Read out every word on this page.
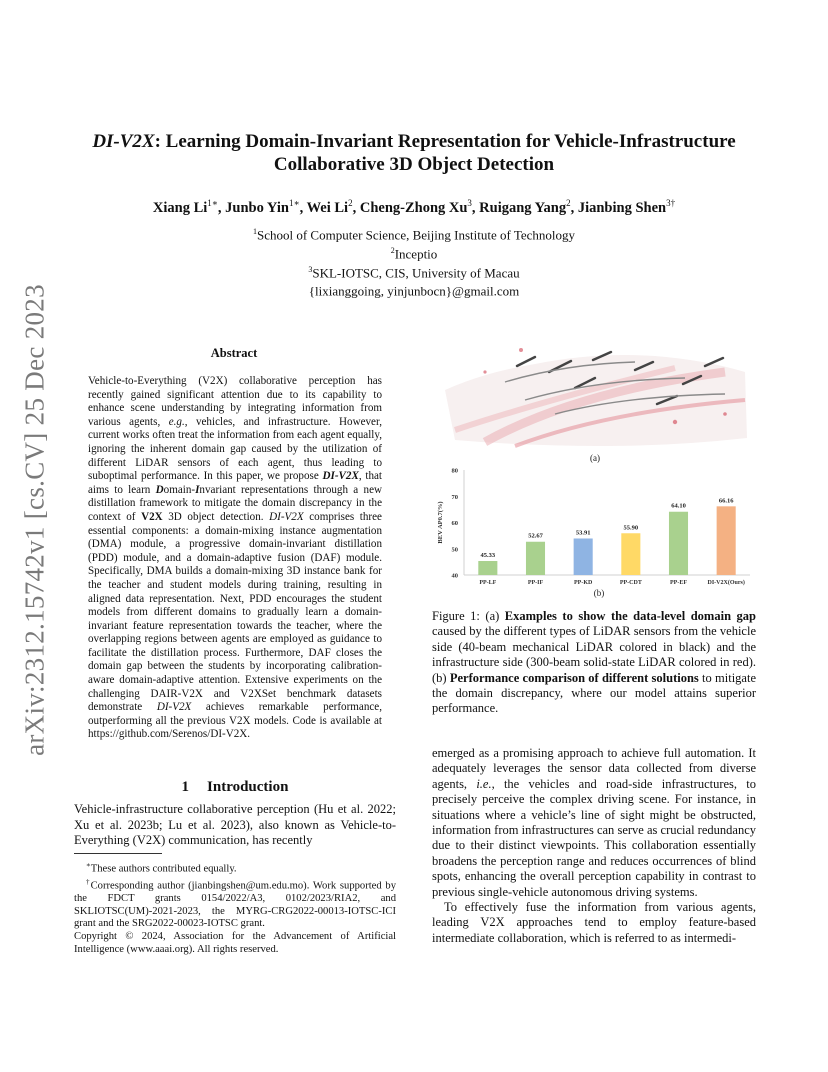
arXiv:2312.15742v1 [cs.CV] 25 Dec 2023
DI-V2X: Learning Domain-Invariant Representation for Vehicle-Infrastructure
Collaborative 3D Object Detection
Xiang $Li^{1∗}$, Junbo Yin$^{1∗}$, Wei Li$^2$, Cheng-Zhong Xu$^3$, Ruigang Yang$^2$, Jianbing Shen$^{3\dagger}$
$^1$School of Computer Science, Beijing Institute of Technology
$^2$Inceptio
$^3$SKL-IOTSC, CIS, University of Macau
{lixianggoing, yinjunbocn}@gmail.com
Abstract

Vehicle-to-Everything (V2X) collaborative perception has recently gained significant attention due to its capability to enhance scene understanding by integrating information from various agents, e.g., vehicles, and infrastructure. However, current works often treat the information from each agent equally, ignoring the inherent domain gap caused by the utilization of different LiDAR sensors of each agent, thus leading to suboptimal performance. In this paper, we propose DI-V2X, that aims to learn Domain-Invariant representations through a new distillation framework to mitigate the domain discrepancy in the context of V2X 3D object detection. DI-V2X comprises three essential components: a domain-mixing instance augmentation (DMA) module, a progressive domain-invariant distillation (PDD) module, and a domain-adaptive fusion (DAF) module. Specifically, DMA builds a domain-mixing 3D instance bank for the teacher and student models during training, resulting in aligned data representation. Next, PDD encourages the student models from different domains to gradually learn a domain-invariant feature representation towards the teacher, where the overlapping regions between agents are employed as guidance to facilitate the distillation process. Furthermore, DAF closes the domain gap between the students by incorporating calibration-aware domain-adaptive attention. Extensive experiments on the challenging DAIR-V2X and V2XSet benchmark datasets demonstrate DI-V2X achieves remarkable performance, outperforming all the previous V2X models. Code is available at https://github.com/Serenos/DI-V2X.

1 Introduction

Vehicle-infrastructure collaborative perception (Hu et al. 2022; Xu et al. 2023b; Lu et al. 2023), also known as Vehicle-to-Everything (V2X) communication, has recently

∗These authors contributed equally.

†Corresponding author (jianbingshen@um.edu.mo). Work supported by the FDCT grants 0154/2022/A3, 0102/2023/RIA2, and SKLIOTSC(UM)-2021-2023, the MYRG-CRG2022-00013-IOTSC-ICI grant and the SRG2022-00023-IOTSC grant.

Copyright © 2024, Association for the Advancement of Artificial Intelligence (www.aaai.org). All rights reserved.

(a)
40
50
60
70
80
BEV AP0.7(%)
45.33
PP-LF
52.67
PP-IF
53.91
PP-KD
55.90
PP-CDT
64.10
PP-EF
66.16
DI-V2X(Ours)
(b)

Figure 1: (a) Examples to show the data-level domain gap caused by the different types of LiDAR sensors from the vehicle side (40-beam mechanical LiDAR colored in black) and the infrastructure side (300-beam solid-state LiDAR colored in red). (b) Performance comparison of different solutions to mitigate the domain discrepancy, where our model attains superior performance.

emerged as a promising approach to achieve full automation. It adequately leverages the sensor data collected from diverse agents, i.e., the vehicles and road-side infrastructures, to precisely perceive the complex driving scene. For instance, in situations where a vehicle’s line of sight might be obstructed, information from infrastructures can serve as crucial redundancy due to their distinct viewpoints. This collaboration essentially broadens the perception range and reduces occurrences of blind spots, enhancing the overall perception capability in contrast to previous single-vehicle autonomous driving systems.

To effectively fuse the information from various agents, leading V2X approaches tend to employ feature-based intermediate collaboration, which is referred to as intermedi-
